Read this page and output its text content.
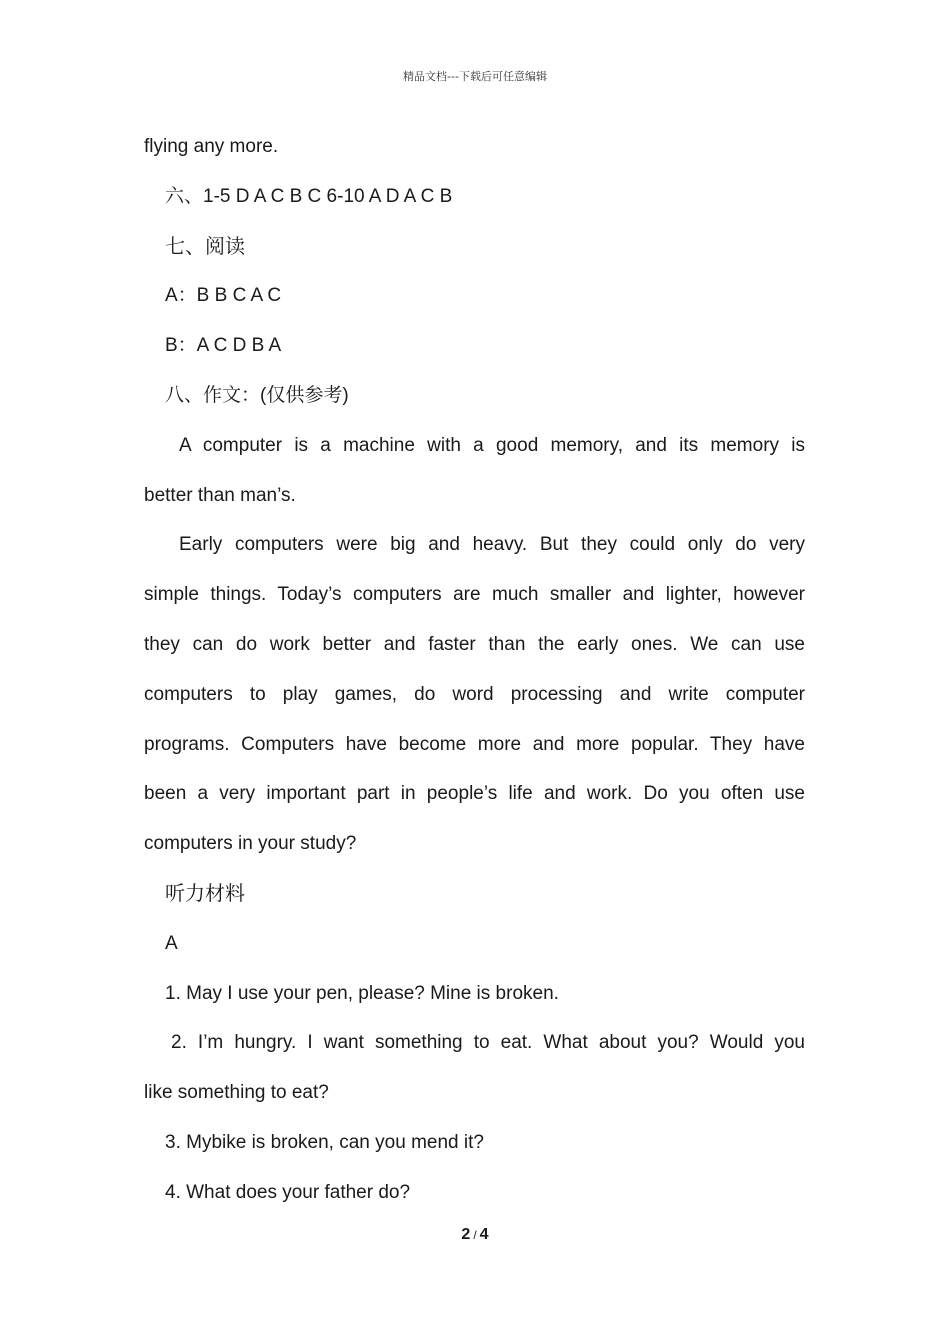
精品文档---下载后可任意编辑
flying any more.
六、1-5 D A C B C 6-10 A D A C B
七、阅读
A：B B C A C
B：A C D B A
八、作文：(仅供参考)
A computer is a machine with a good memory, and its memory is
better than man’s.
Early computers were big and heavy. But they could only do very
simple things. Today’s computers are much smaller and lighter, however
they can do work better and faster than the early ones. We can use
computers to play games, do word processing and write computer
programs. Computers have become more and more popular. They have
been a very important part in people’s life and work. Do you often use
computers in your study?
听力材料
A
1. May I use your pen, please? Mine is broken.
2. I’m hungry. I want something to eat. What about you? Would you
like something to eat?
3. Mybike is broken, can you mend it?
4. What does your father do?
2 / 4
